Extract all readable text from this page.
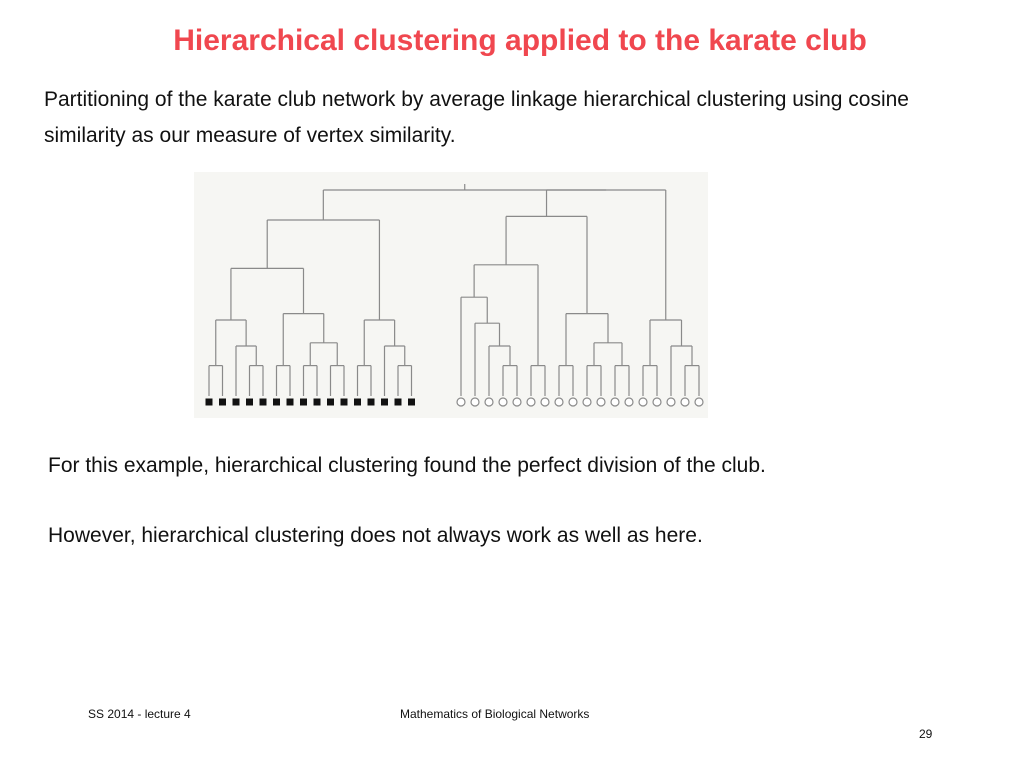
Hierarchical clustering applied to the karate club
Partitioning of the karate club network by average linkage hierarchical clustering using cosine similarity as our measure of vertex similarity.
For this example, hierarchical clustering found the perfect division of the club.
However, hierarchical clustering does not always work as well as here.
SS 2014 - lecture 4	Mathematics of Biological Networks
29
